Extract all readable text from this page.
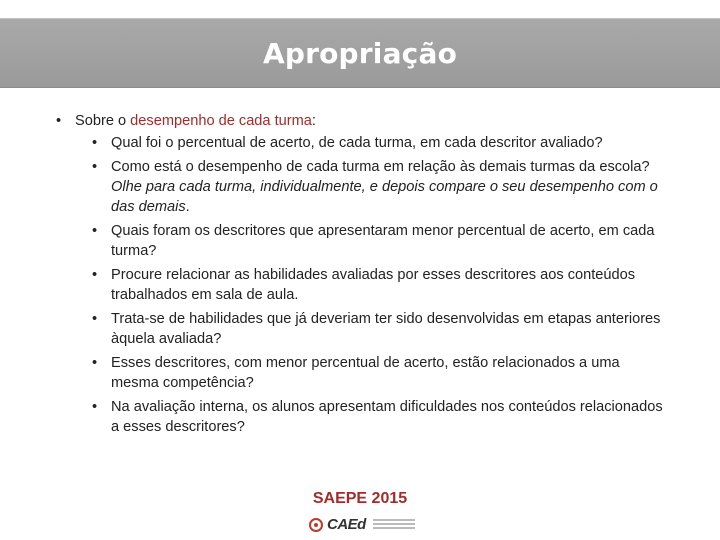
Apropriação
• Sobre o desempenho de cada turma:
• Qual foi o percentual de acerto, de cada turma, em cada descritor avaliado?
• Como está o desempenho de cada turma em relação às demais turmas da escola? Olhe para cada turma, individualmente, e depois compare o seu desempenho com o das demais.
• Quais foram os descritores que apresentaram menor percentual de acerto, em cada turma?
• Procure relacionar as habilidades avaliadas por esses descritores aos conteúdos trabalhados em sala de aula.
• Trata-se de habilidades que já deveriam ter sido desenvolvidas em etapas anteriores àquela avaliada?
• Esses descritores, com menor percentual de acerto, estão relacionados a uma mesma competência?
• Na avaliação interna, os alunos apresentam dificuldades nos conteúdos relacionados a esses descritores?
SAEPE 2015
CAEd
